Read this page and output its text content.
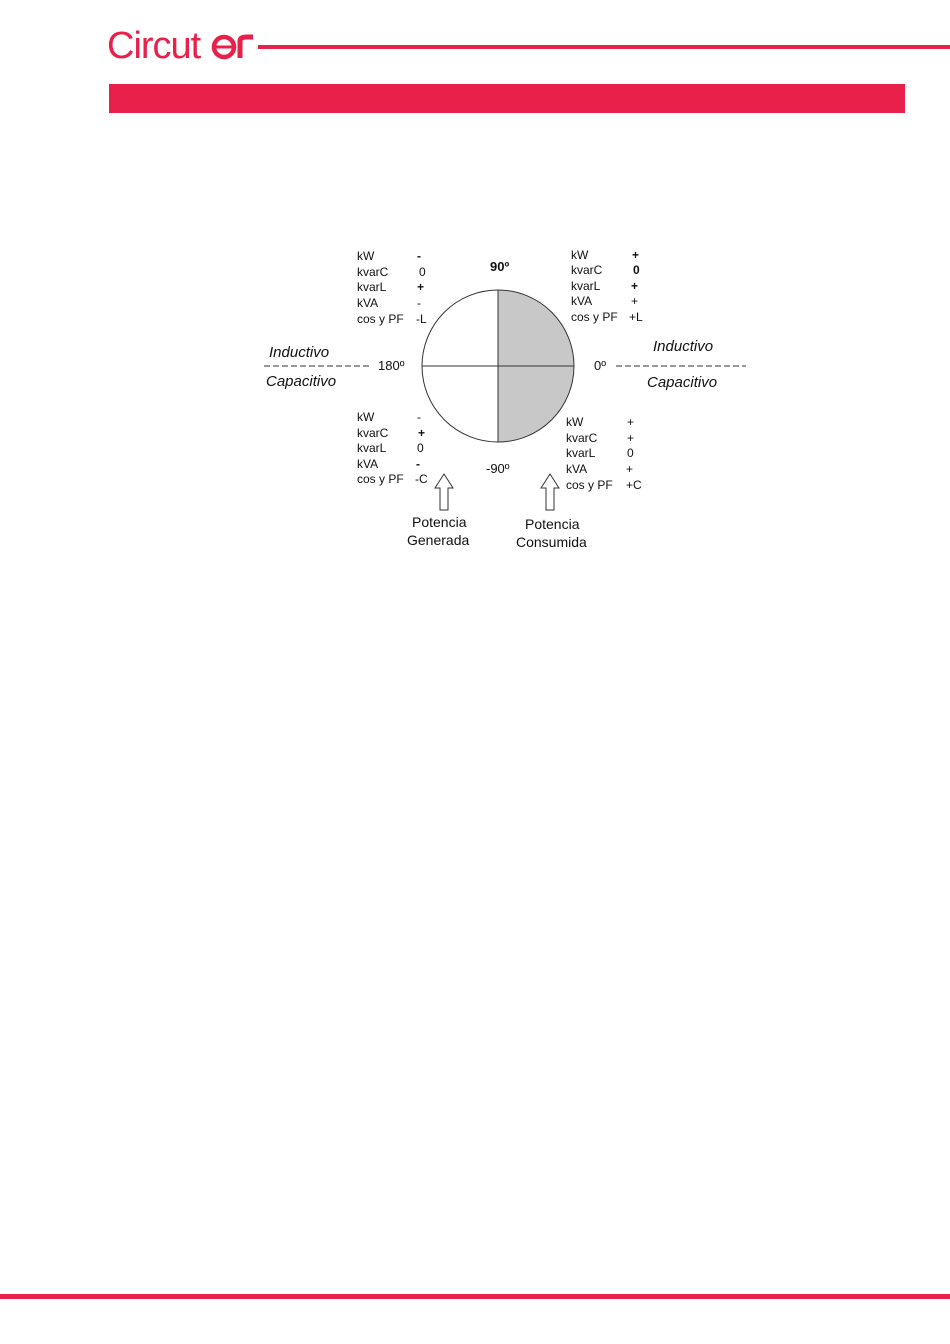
Circut
90º
0º
-90º
180º
Inductivo
Capacitivo
Inductivo
Capacitivo
kW	-
kvarC	0
kvarL	+
kVA	-
cos y PF -L
kW	+
kvarC	0
kvarL	+
kVA	+
cos y PF +L
kW	-
kvarC +
kvarL	0
kVA	-
cos y PF -C
kW	+
kvarC +
kvarL	0
kVA	+
cos y PF +C
Potencia
Generada
Potencia
Consumida
